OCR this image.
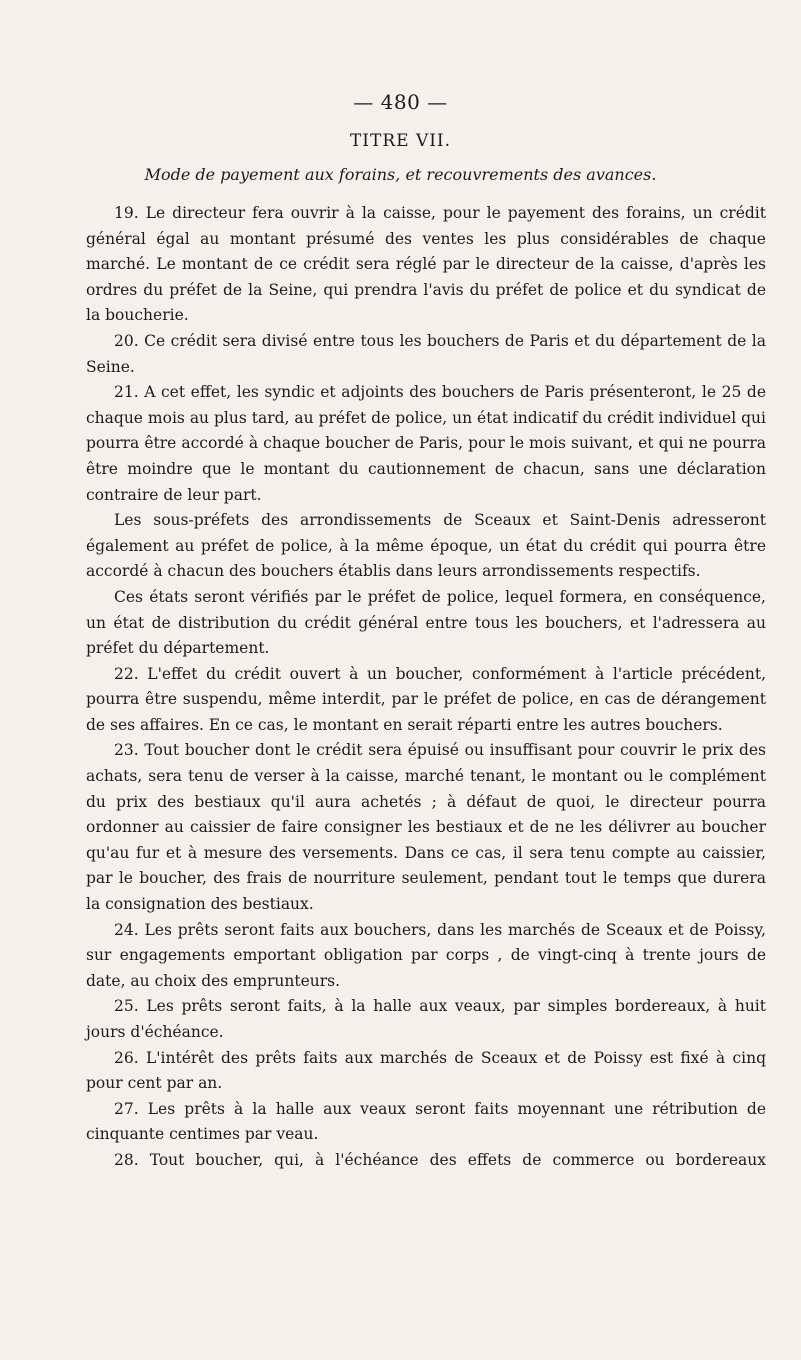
— 480 —
TITRE VII.
Mode de payement aux forains, et recouvrements des avances.

19. Le directeur fera ouvrir à la caisse, pour le payement des forains, un crédit général égal au montant présumé des ventes les plus considérables de chaque marché. Le montant de ce crédit sera réglé par le directeur de la caisse, d'après les ordres du préfet de la Seine, qui prendra l'avis du préfet de police et du syndicat de la boucherie.

20. Ce crédit sera divisé entre tous les bouchers de Paris et du département de la Seine.

21. A cet effet, les syndic et adjoints des bouchers de Paris présenteront, le 25 de chaque mois au plus tard, au préfet de police, un état indicatif du crédit individuel qui pourra être accordé à chaque boucher de Paris, pour le mois suivant, et qui ne pourra être moindre que le montant du cautionnement de chacun, sans une déclaration contraire de leur part.

Les sous-préfets des arrondissements de Sceaux et Saint-Denis adresseront également au préfet de police, à la même époque, un état du crédit qui pourra être accordé à chacun des bouchers établis dans leurs arrondissements respectifs.

Ces états seront vérifiés par le préfet de police, lequel formera, en conséquence, un état de distribution du crédit général entre tous les bouchers, et l'adressera au préfet du département.

22. L'effet du crédit ouvert à un boucher, conformément à l'article précédent, pourra être suspendu, même interdit, par le préfet de police, en cas de dérangement de ses affaires. En ce cas, le montant en serait réparti entre les autres bouchers.

23. Tout boucher dont le crédit sera épuisé ou insuffisant pour couvrir le prix des achats, sera tenu de verser à la caisse, marché tenant, le montant ou le complément du prix des bestiaux qu'il aura achetés ; à défaut de quoi, le directeur pourra ordonner au caissier de faire consigner les bestiaux et de ne les délivrer au boucher qu'au fur et à mesure des versements. Dans ce cas, il sera tenu compte au caissier, par le boucher, des frais de nourriture seulement, pendant tout le temps que durera la consignation des bestiaux.

24. Les prêts seront faits aux bouchers, dans les marchés de Sceaux et de Poissy, sur engagements emportant obligation par corps , de vingt-cinq à trente jours de date, au choix des emprunteurs.

25. Les prêts seront faits, à la halle aux veaux, par simples bordereaux, à huit jours d'échéance.

26. L'intérêt des prêts faits aux marchés de Sceaux et de Poissy est fixé à cinq pour cent par an.

27. Les prêts à la halle aux veaux seront faits moyennant une rétribution de cinquante centimes par veau.

28. Tout boucher, qui, à l'échéance des effets de commerce ou bordereaux
